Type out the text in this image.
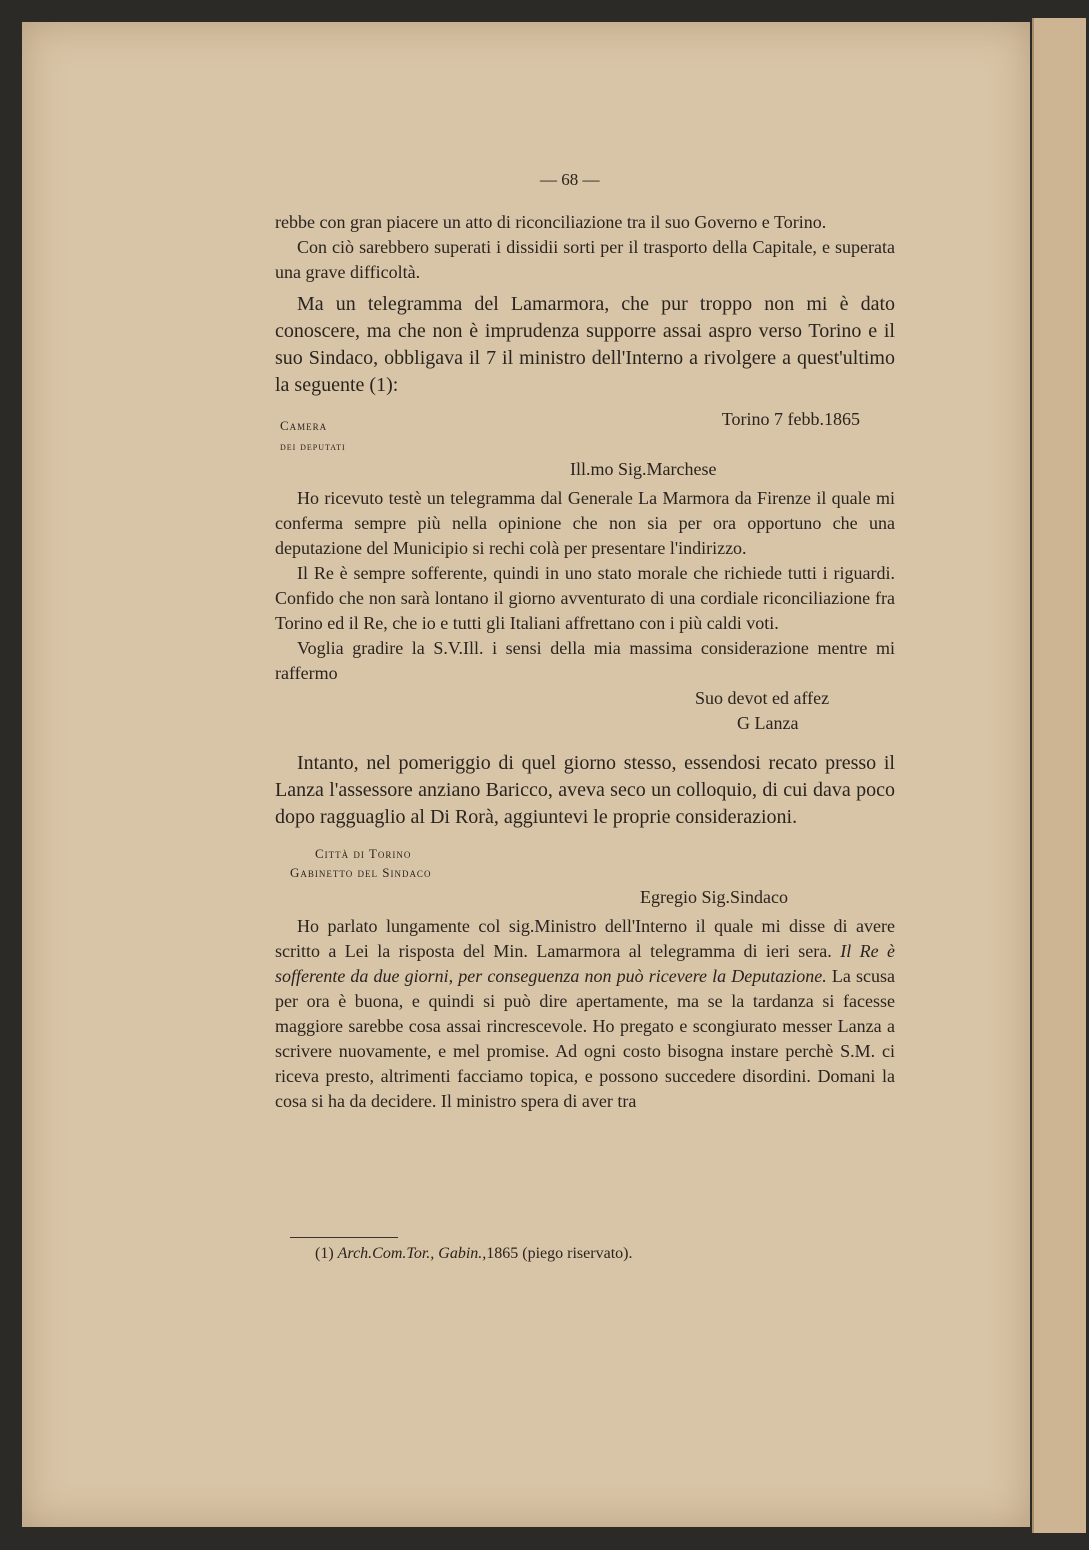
— 68 —

rebbe con gran piacere un atto di riconciliazione tra il suo Governo e Torino.

Con ciò sarebbero superati i dissidii sorti per il trasporto della Capitale, e superata una grave difficoltà.

Ma un telegramma del Lamarmora, che pur troppo non mi è dato conoscere, ma che non è imprudenza supporre assai aspro verso Torino e il suo Sindaco, obbligava il 7 il ministro dell'Interno a rivolgere a quest'ultimo la seguente (1):

Camera	Torino 7 febb.1865
dei deputati
Ill.mo Sig.Marchese

Ho ricevuto testè un telegramma dal Generale La Marmora da Firenze il quale mi conferma sempre più nella opinione che non sia per ora opportuno che una deputazione del Municipio si rechi colà per presentare l'indirizzo.

Il Re è sempre sofferente, quindi in uno stato morale che richiede tutti i riguardi. Confido che non sarà lontano il giorno avventurato di una cordiale riconciliazione fra Torino ed il Re, che io e tutti gli Italiani affrettano con i più caldi voti.

Voglia gradire la S.V.Ill. i sensi della mia massima considerazione mentre mi raffermo

Suo devot ed affez
G Lanza

Intanto, nel pomeriggio di quel giorno stesso, essendosi recato presso il Lanza l'assessore anziano Baricco, aveva seco un colloquio, di cui dava poco dopo ragguaglio al Di Rorà, aggiuntevi le proprie considerazioni.

Città di Torino
Gabinetto del Sindaco
Egregio Sig.Sindaco

Ho parlato lungamente col sig.Ministro dell'Interno il quale mi disse di avere scritto a Lei la risposta del Min. Lamarmora al telegramma di ieri sera. Il Re è sofferente da due giorni, per conseguenza non può ricevere la Deputazione. La scusa per ora è buona, e quindi si può dire apertamente, ma se la tardanza si facesse maggiore sarebbe cosa assai rincrescevole. Ho pregato e scongiurato messer Lanza a scrivere nuovamente, e mel promise. Ad ogni costo bisogna instare perchè S.M. ci riceva presto, altrimenti facciamo topica, e possono succedere disordini. Domani la cosa si ha da decidere. Il ministro spera di aver tra

(1) Arch.Com.Tor., Gabin.,1865 (piego riservato).
